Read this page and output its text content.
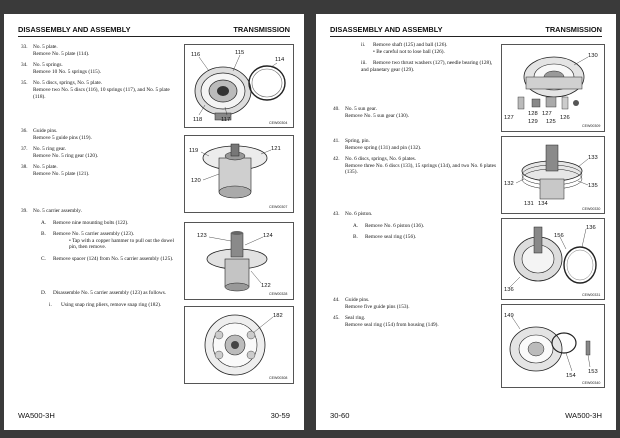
DISASSEMBLY AND ASSEMBLY	TRANSMISSION
33. No. 5 plate.
Remove No. 5 plate (114).
34. No. 5 springs.
Remove 10 No. 5 springs (115).
35. No. 5 discs, springs, No. 5 plate.
Remove two No. 5 discs (116), 10 springs (117), and No. 5 plate (118).
36. Guide pins.
Remove 5 guide pins (119).
37. No. 5 ring gear.
Remove No. 5 ring gear (120).
38. No. 5 plate.
Remove No. 5 plate (121).
39. No. 5 carrier assembly.
A. Remove nine mounting bolts (122).
B. Remove No. 5 carrier assembly (123).
• Tap with a copper hammer to pull out the dowel pin, then remove.
C. Remove spacer (124) from No. 5 carrier assembly (125).
D. Disassemble No. 5 carrier assembly (123) as follows.
i. Using snap ring pliers, remove snap ring (182).
116	115
114
118	117	CEW00304
119	121
120
CEW00307
123	124
122
CEW00328
182
CEW00308
WA500-3H	30-59
DISASSEMBLY AND ASSEMBLY	TRANSMISSION
ii. Remove shaft (125) and ball (126).
• Be careful not to lose ball (126).
iii. Remove two thrust washers (127), needle bearing (128), and planetary gear (129).
40. No. 5 sun gear.
Remove No. 5 sun gear (130).
41. Spring, pin.
Remove spring (131) and pin (132).
42. No. 6 discs, springs, No. 6 plates.
Remove three No. 6 discs (133), 15 springs (134), and two No. 6 plates (135).
43. No. 6 piston.
A. Remove No. 6 piston (136).
B. Remove seal ring (156).
44. Guide pins.
Remove five guide pins (153).
45. Seal ring.
Remove seal ring (154) from housing (149).
130
127
128
129
127
125
126
CEW00309
133
132	135
131 134
CEW00330
136
156
136
CEW00331
149
154
153
CEW00340
30-60	WA500-3H
